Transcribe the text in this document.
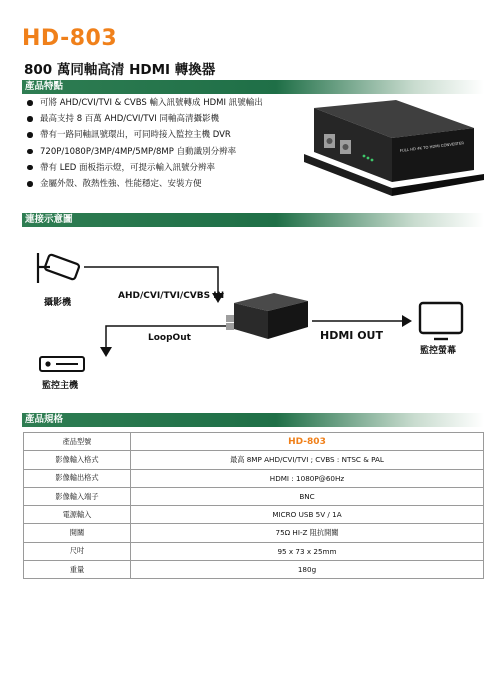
HD-803
800 萬同軸高清 HDMI 轉換器
產品特點
可將 AHD/CVI/TVI & CVBS 輸入訊號轉成 HDMI 訊號輸出
最高支持 8 百萬 AHD/CVI/TVI 同軸高清攝影機
帶有一路同軸訊號環出，可同時接入監控主機 DVR
720P/1080P/3MP/4MP/5MP/8MP 自動識別分辨率
帶有 LED 面板指示燈，可提示輸入訊號分辨率
金屬外殼、散熱性強、性能穩定、安裝方便
FULL HD 4K TO HDMI CONVERTER
連接示意圖
攝影機
AHD/CVI/TVI/CVBS IN
LoopOut
監控主機
HDMI OUT
監控螢幕
產品規格
產品型號	HD-803
影像輸入格式	最高 8MP AHD/CVI/TVI ; CVBS : NTSC & PAL
影像輸出格式	HDMI : 1080P@60Hz
影像輸入端子	BNC
電源輸入	MICRO USB 5V / 1A
開關	75Ω HI-Z 阻抗開關
尺吋	95 x 73 x 25mm
重量	180g
